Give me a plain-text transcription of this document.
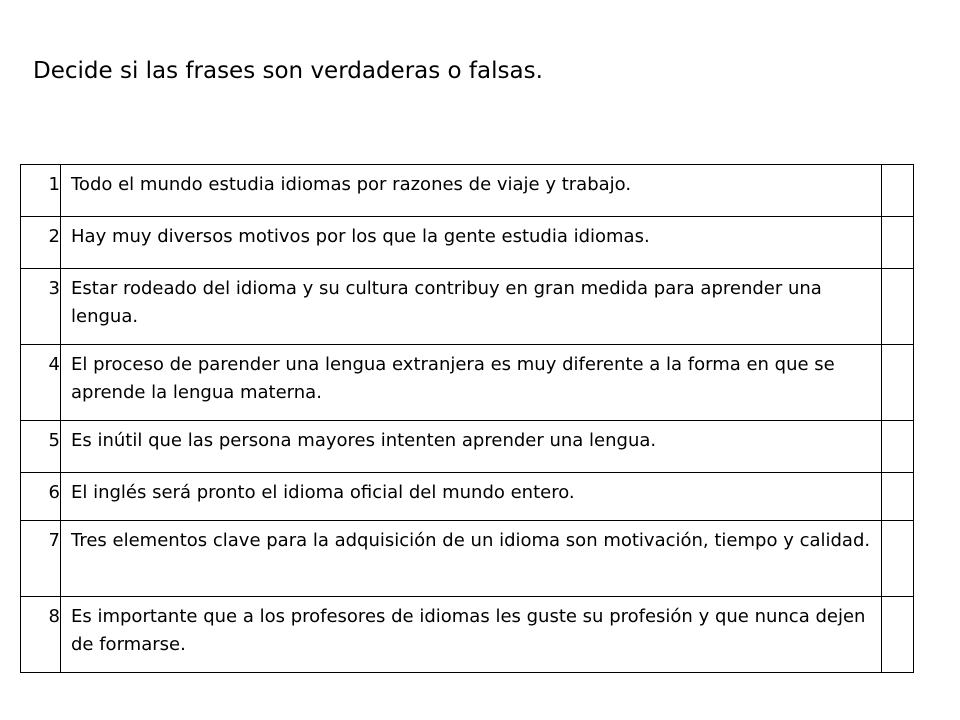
Decide si las frases son verdaderas o falsas.
1	Todo el mundo estudia idiomas por razones de viaje y trabajo.	

2	Hay muy diversos motivos por los que la gente estudia idiomas.	

3	Estar rodeado del idioma y su cultura contribuy en gran medida para aprender una lengua.	

4	El proceso de parender una lengua extranjera es muy diferente a la forma en que se aprende la lengua materna.	

5	Es inútil que las persona mayores intenten aprender una lengua.	

6	El inglés será pronto el idioma oficial del mundo entero.	

7	Tres elementos clave para la adquisición de un idioma son motivación, tiempo y calidad.	

8	Es importante que a los profesores de idiomas les guste su profesión y que nunca dejen de formarse.	
